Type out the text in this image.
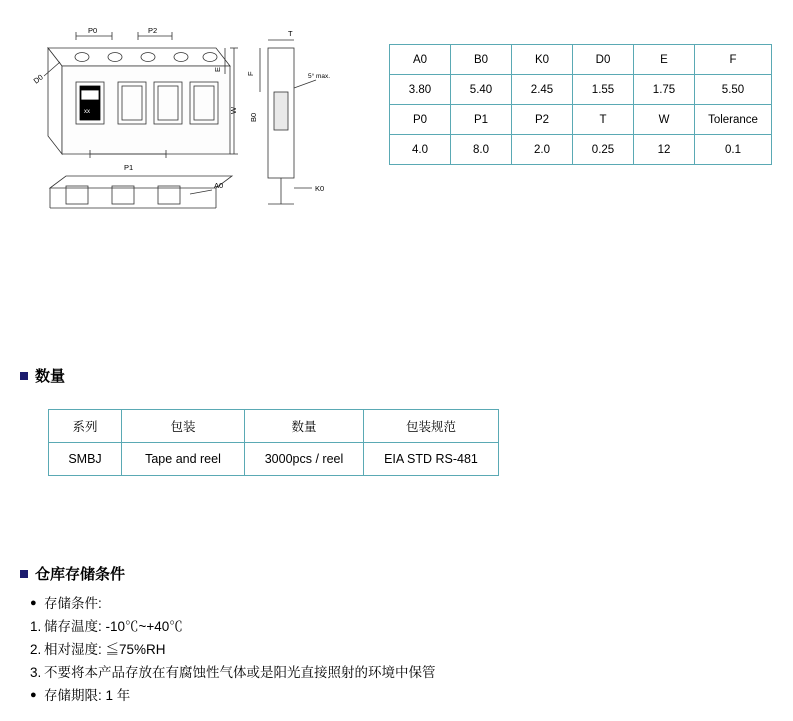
P0	P2
P1
D0
T
W
E
F
B0
A0	K0
5° max.
xx
A0	B0	K0	D0	E	F
3.80	5.40	2.45	1.55	1.75	5.50
P0	P1	P2	T	W	Tolerance
4.0	8.0	2.0	0.25	12	0.1
数量
系列	包装	数量	包装规范
SMBJ	Tape and reel	3000pcs / reel	EIA STD RS-481
仓库存储条件
● 存储条件:
1. 储存温度: -10℃~+40℃
2. 相对湿度: ≦75%RH
3. 不要将本产品存放在有腐蚀性气体或是阳光直接照射的环境中保管
● 存储期限: 1 年
